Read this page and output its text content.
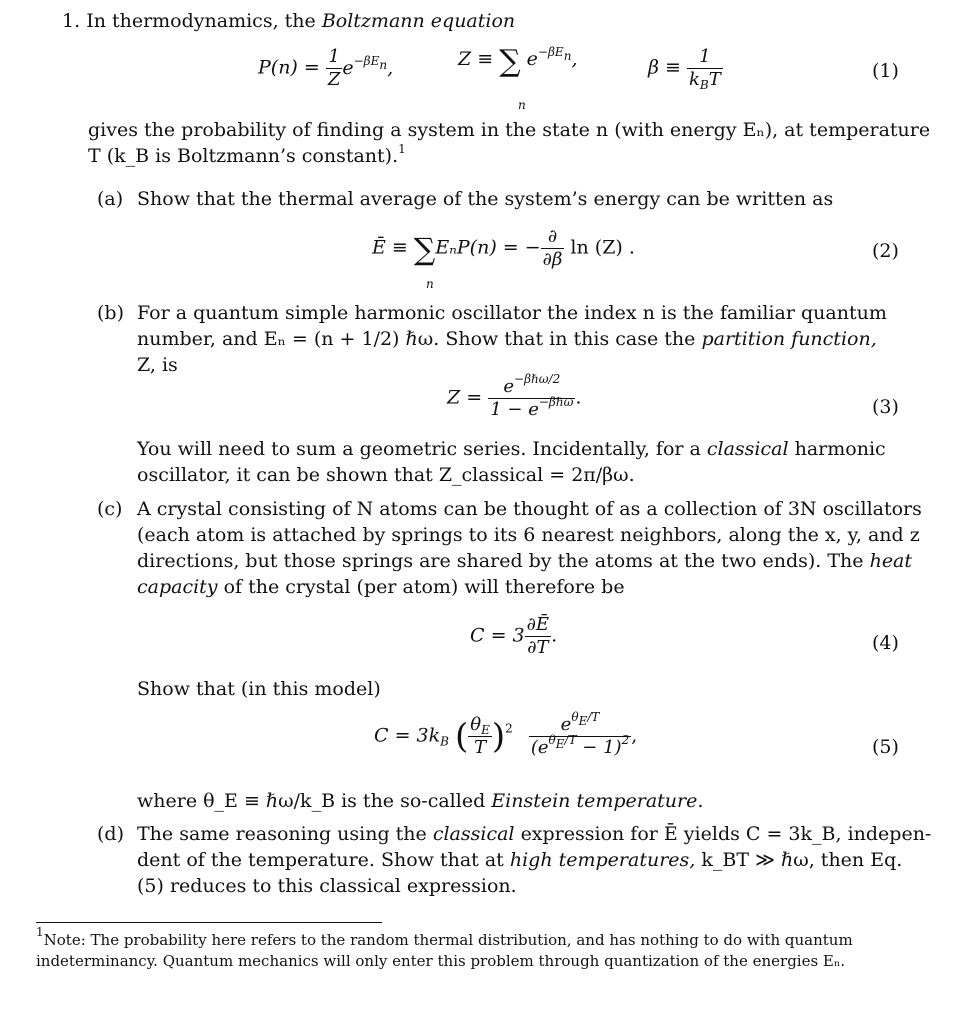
1. In thermodynamics, the Boltzmann equation
$P(n) = \frac{1}{Z} e^{-\beta E_n}$,	Z ≡ ∑ $e^{-\beta E_n}$,
n
$\beta \equiv \frac{1}{k_BT}$	(1)
gives the probability of finding a system in the state n (with energy Eₙ), at temperature
T (k_B is Boltzmann’s constant).$^1$
(a) Show that the thermal average of the system’s energy can be written as
Ē ≡ ∑EₙP(n) = − $\frac{\partial}{\partial\beta}$ ln (Z) .
n
(2)
(b) For a quantum simple harmonic oscillator the index n is the familiar quantum
number, and Eₙ = (n + 1/2) ℏω. Show that in this case the partition function,
Z, is
$Z = \frac{e^{-\beta\hbar\omega/2}}{1 - e^{-\beta\hbar\omega}}$ .	(3)
You will need to sum a geometric series. Incidentally, for a classical harmonic
oscillator, it can be shown that Z_classical = 2π/βω.
(c) A crystal consisting of N atoms can be thought of as a collection of 3N oscillators
(each atom is attached by springs to its 6 nearest neighbors, along the x, y, and z
directions, but those springs are shared by the atoms at the two ends). The heat
capacity of the crystal (per atom) will therefore be
$C = 3 \frac{\partial Ē}{\partial T}$ .	(4)
Show that (in this model)
$C = 3k_B$ ( $\frac{\theta_E}{T} )^2 \frac{e^{\theta_E/T}}{(e^{\theta_E/T} - 1)^2}$ ,
(5)
where θ_E ≡ ℏω/k_B is the so-called Einstein temperature.
(d) The same reasoning using the classical expression for Ē yields C = 3k_B, indepen-
dent of the temperature. Show that at high temperatures, k_BT ≫ ℏω, then Eq.
(5) reduces to this classical expression.
$^1$Note: The probability here refers to the random thermal distribution, and has nothing to do with quantum indeterminancy. Quantum mechanics will only enter this problem through quantization of the energies Eₙ.
